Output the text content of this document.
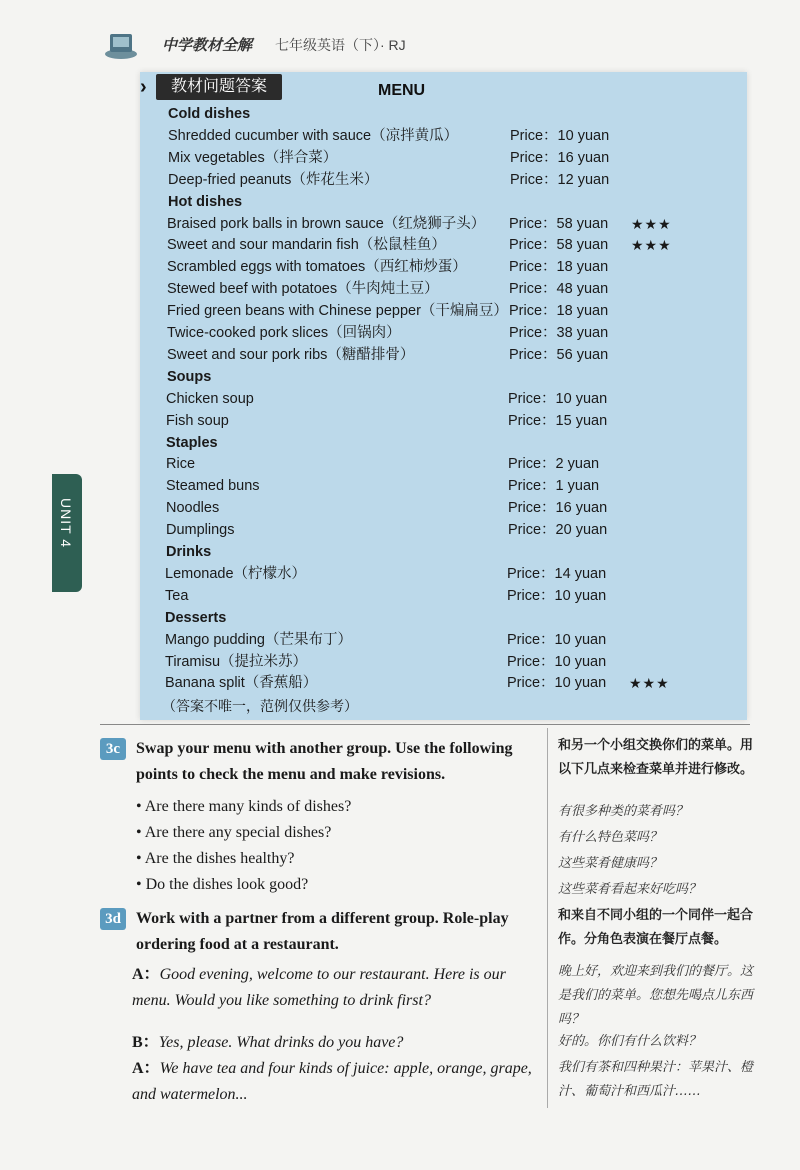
中学教材全解 七年级英语（下）· RJ
›	教材问题答案	MENU
Cold dishes
Shredded cucumber with sauce（凉拌黄瓜）	Price：10 yuan
Mix vegetables（拌合菜）	Price：16 yuan
Deep-fried peanuts（炸花生米）	Price：12 yuan
Hot dishes
Braised pork balls in brown sauce（红烧狮子头） Price：58 yuan ★★★
Sweet and sour mandarin fish（松鼠桂鱼）	Price：58 yuan ★★★
Scrambled eggs with tomatoes（西红柿炒蛋）	Price：18 yuan
Stewed beef with potatoes（牛肉炖土豆）	Price：48 yuan
Fried green beans with Chinese pepper（干煸扁豆） Price：18 yuan
Twice-cooked pork slices（回锅肉）	Price：38 yuan
Sweet and sour pork ribs（糖醋排骨）	Price：56 yuan
Soups
Chicken soup	Price：10 yuan
Fish soup	Price：15 yuan
Staples
Rice	Price：2 yuan
Steamed buns	Price：1 yuan
Noodles	Price：16 yuan
Dumplings	Price：20 yuan
Drinks
Lemonade（柠檬水）	Price：14 yuan
Tea	Price：10 yuan
Desserts
Mango pudding（芒果布丁）	Price：10 yuan
Tiramisu（提拉米苏）	Price：10 yuan
Banana split（香蕉船）	Price：10 yuan ★★★
（答案不唯一，范例仅供参考）
UNIT 4
3c Swap your menu with another group. Use the following points to check the menu and make revisions.
• Are there many kinds of dishes?
• Are there any special dishes?
• Are the dishes healthy?
• Do the dishes look good?
和另一个小组交换你们的菜单。用以下几点来检查菜单并进行修改。
有很多种类的菜肴吗？
有什么特色菜吗？
这些菜肴健康吗？
这些菜肴看起来好吃吗？
3d Work with a partner from a different group. Role-play ordering food at a restaurant.
A：Good evening, welcome to our restaurant. Here is our menu. Would you like something to drink first?
B：Yes, please. What drinks do you have?
A：We have tea and four kinds of juice: apple, orange, grape, and watermelon...
和来自不同小组的一个同伴一起合作。分角色表演在餐厅点餐。
晚上好，欢迎来到我们的餐厅。这是我们的菜单。您想先喝点儿东西吗？
好的。你们有什么饮料？
我们有茶和四种果汁：苹果汁、橙汁、葡萄汁和西瓜汁……
